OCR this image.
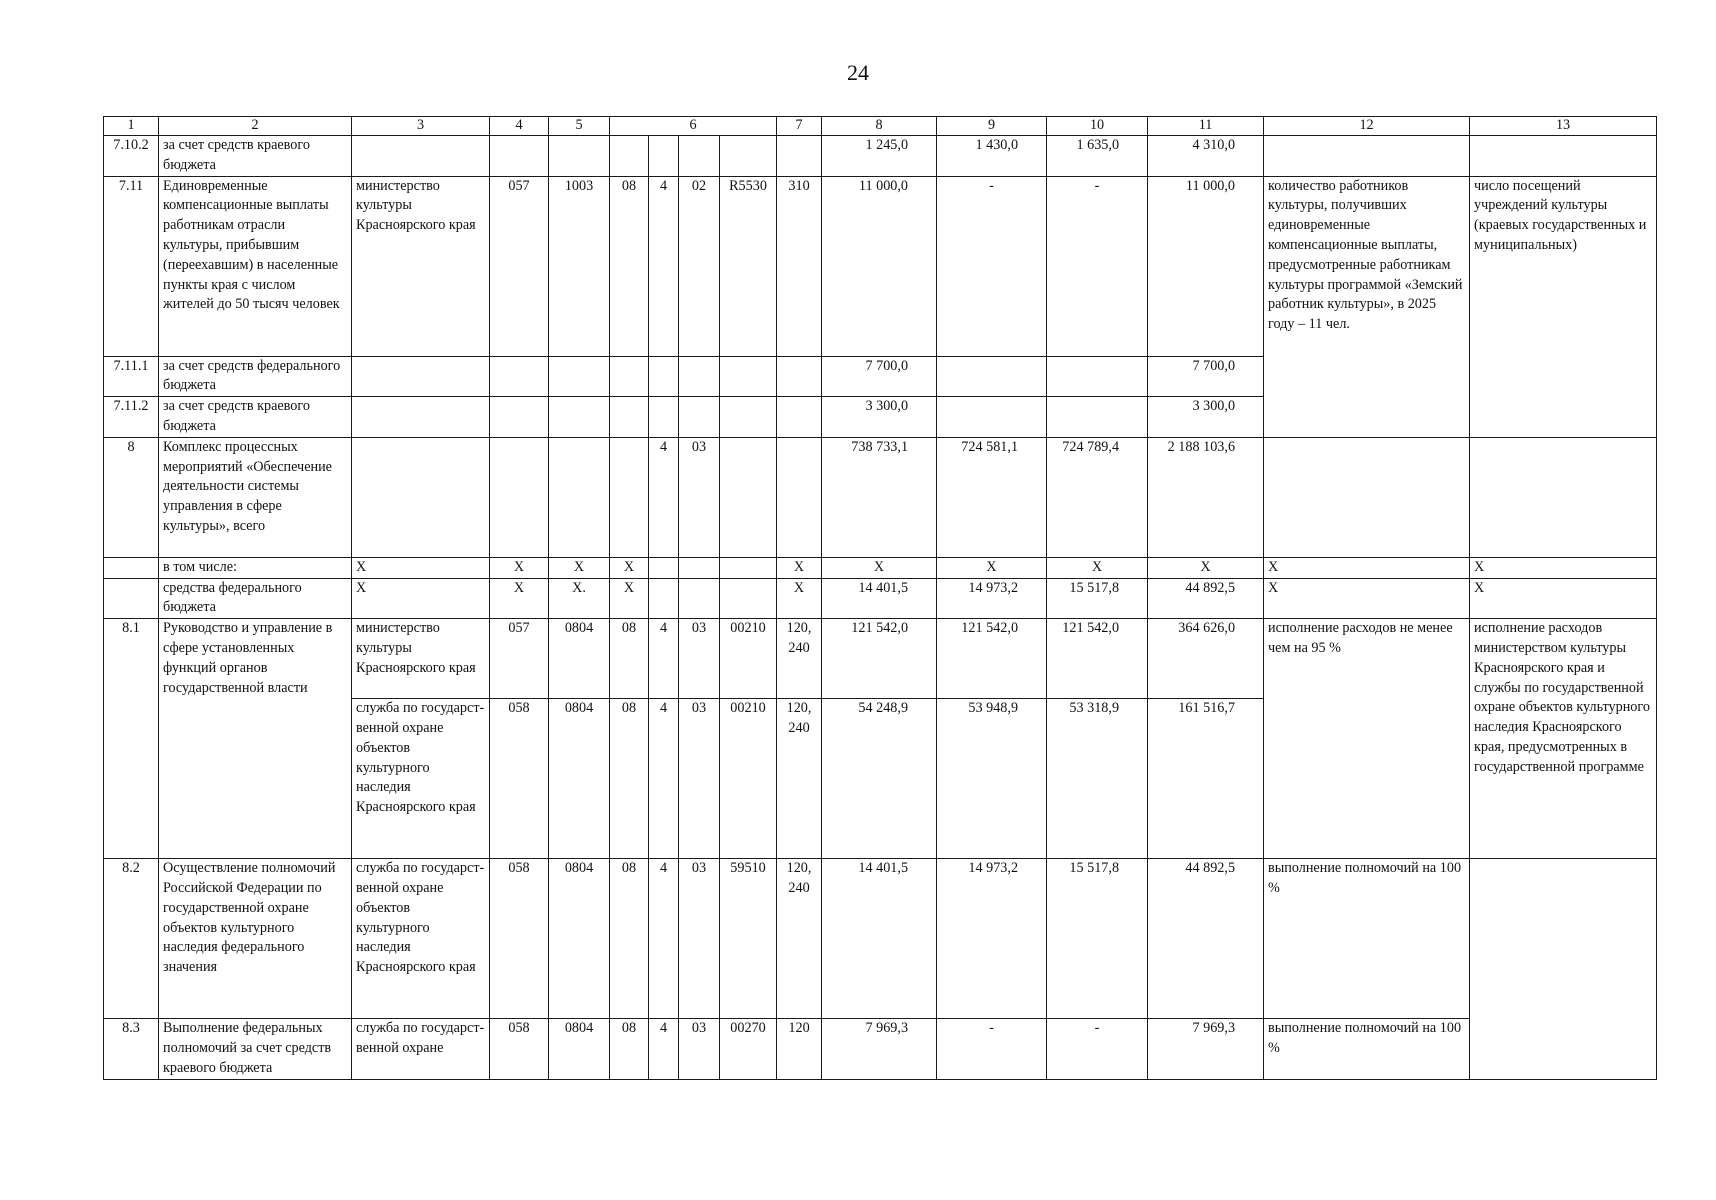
24
1	2	3	4	5	6				7	8	9	10	11	12	13
7.10.2	за счет средств краевого бюджета									1 245,0	1 430,0	1 635,0	4 310,0		
7.11	Единовременные компенсационные выплаты работникам отрасли культуры, прибывшим (переехавшим) в населенные пункты края с числом жителей до 50 тысяч человек	министерство культуры Красноярского края	057	1003	08	4	02	R5530	310	11 000,0	-	-	11 000,0	количество работников культуры, получивших единовременные компенсационные выплаты, предусмотренные работникам культуры программой «Земский работник культуры», в 2025 году – 11 чел.	число посещений учреждений культуры (краевых государственных и муниципальных)
7.11.1	за счет средств федерального бюджета									7 700,0			7 700,0		
7.11.2	за счет средств краевого бюджета									3 300,0			3 300,0		
8	Комплекс процессных мероприятий «Обеспечение деятельности системы управления в сфере культуры», всего					4	03			738 733,1	724 581,1	724 789,4	2 188 103,6		
	в том числе:	X	X	X	X				X	X	X	X	X	X	X
	средства федерального бюджета	X	X	X.	X				X	14 401,5	14 973,2	15 517,8	44 892,5	X	X
8.1	Руководство и управление в сфере установленных функций органов государственной власти	министерство культуры Красноярского края	057	0804	08	4	03	00210	120, 240	121 542,0	121 542,0	121 542,0	364 626,0	исполнение расходов не менее чем на 95 %	исполнение расходов министерством культуры Красноярского края и службы по государственной охране объектов культурного наследия Красноярского края, предусмотренных в государственной программе
		служба по государст-венной охране объектов культурного наследия Красноярского края	058	0804	08	4	03	00210	120, 240	54 248,9	53 948,9	53 318,9	161 516,7		
8.2	Осуществление полномочий Российской Федерации по государственной охране объектов культурного наследия федерального значения	служба по государст-венной охране объектов культурного наследия Красноярского края	058	0804	08	4	03	59510	120, 240	14 401,5	14 973,2	15 517,8	44 892,5	выполнение полномочий на 100 %	
8.3	Выполнение федеральных полномочий за счет средств краевого бюджета	служба по государст-венной охране	058	0804	08	4	03	00270	120	7 969,3	-	-	7 969,3	выполнение полномочий на 100 %	
